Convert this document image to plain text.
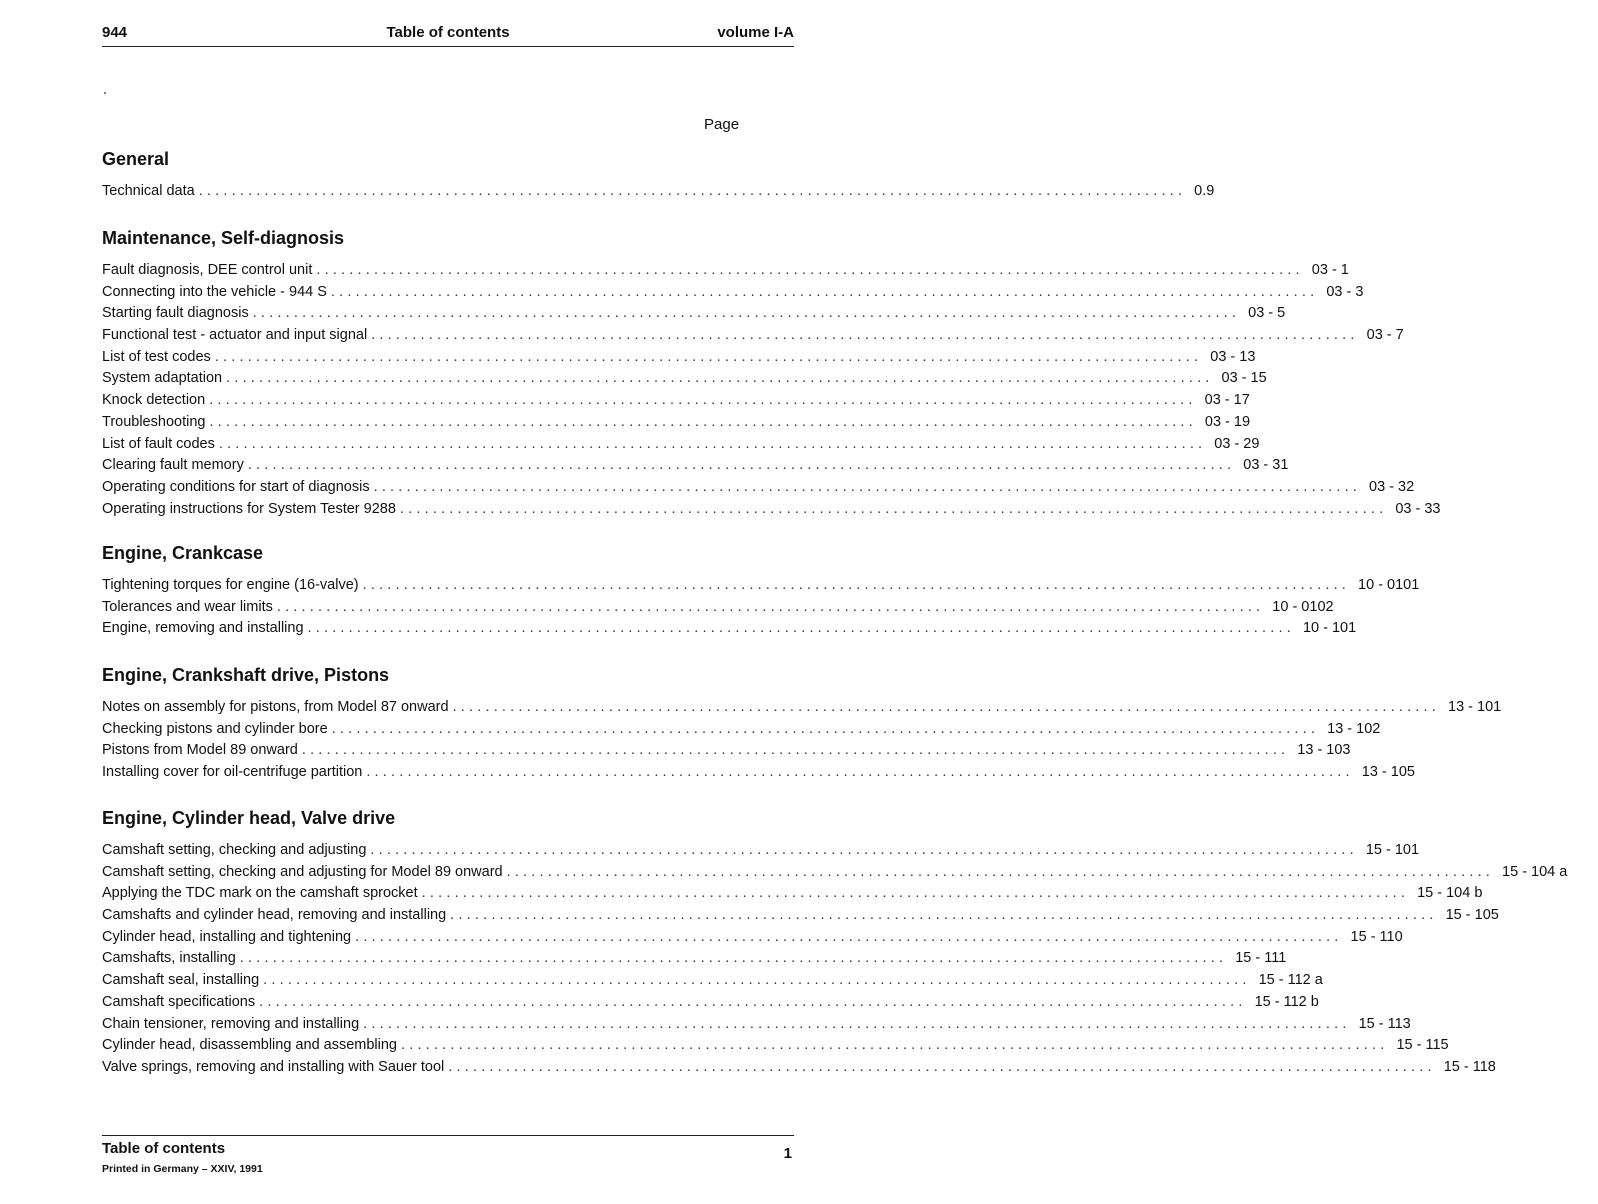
944	Table of contents	volume I-A
Page
General
Technical data ........................................................................................................................ 0.9
Maintenance, Self-diagnosis
Fault diagnosis, DEE control unit ........................................................................................................................ 03 - 1
Connecting into the vehicle - 944 S ........................................................................................................................ 03 - 3
Starting fault diagnosis ........................................................................................................................ 03 - 5
Functional test - actuator and input signal ........................................................................................................................ 03 - 7
List of test codes ........................................................................................................................ 03 - 13
System adaptation ........................................................................................................................ 03 - 15
Knock detection ........................................................................................................................ 03 - 17
Troubleshooting ........................................................................................................................ 03 - 19
List of fault codes ........................................................................................................................ 03 - 29
Clearing fault memory ........................................................................................................................ 03 - 31
Operating conditions for start of diagnosis ........................................................................................................................ 03 - 32
Operating instructions for System Tester 9288 ........................................................................................................................ 03 - 33
Engine, Crankcase
Tightening torques for engine (16-valve) ........................................................................................................................ 10 - 0101
Tolerances and wear limits ........................................................................................................................ 10 - 0102
Engine, removing and installing ........................................................................................................................ 10 - 101
Engine, Crankshaft drive, Pistons
Notes on assembly for pistons, from Model 87 onward ........................................................................................................................ 13 - 101
Checking pistons and cylinder bore ........................................................................................................................ 13 - 102
Pistons from Model 89 onward ........................................................................................................................ 13 - 103
Installing cover for oil-centrifuge partition ........................................................................................................................ 13 - 105
Engine, Cylinder head, Valve drive
Camshaft setting, checking and adjusting ........................................................................................................................ 15 - 101
Camshaft setting, checking and adjusting for Model 89 onward ........................................................................................................................ 15 - 104 a
Applying the TDC mark on the camshaft sprocket ........................................................................................................................ 15 - 104 b
Camshafts and cylinder head, removing and installing ........................................................................................................................ 15 - 105
Cylinder head, installing and tightening ........................................................................................................................ 15 - 110
Camshafts, installing ........................................................................................................................ 15 - 111
Camshaft seal, installing ........................................................................................................................ 15 - 112 a
Camshaft specifications ........................................................................................................................ 15 - 112 b
Chain tensioner, removing and installing ........................................................................................................................ 15 - 113
Cylinder head, disassembling and assembling ........................................................................................................................ 15 - 115
Valve springs, removing and installing with Sauer tool ........................................................................................................................ 15 - 118
Table of contents	1
Printed in Germany – XXIV, 1991
